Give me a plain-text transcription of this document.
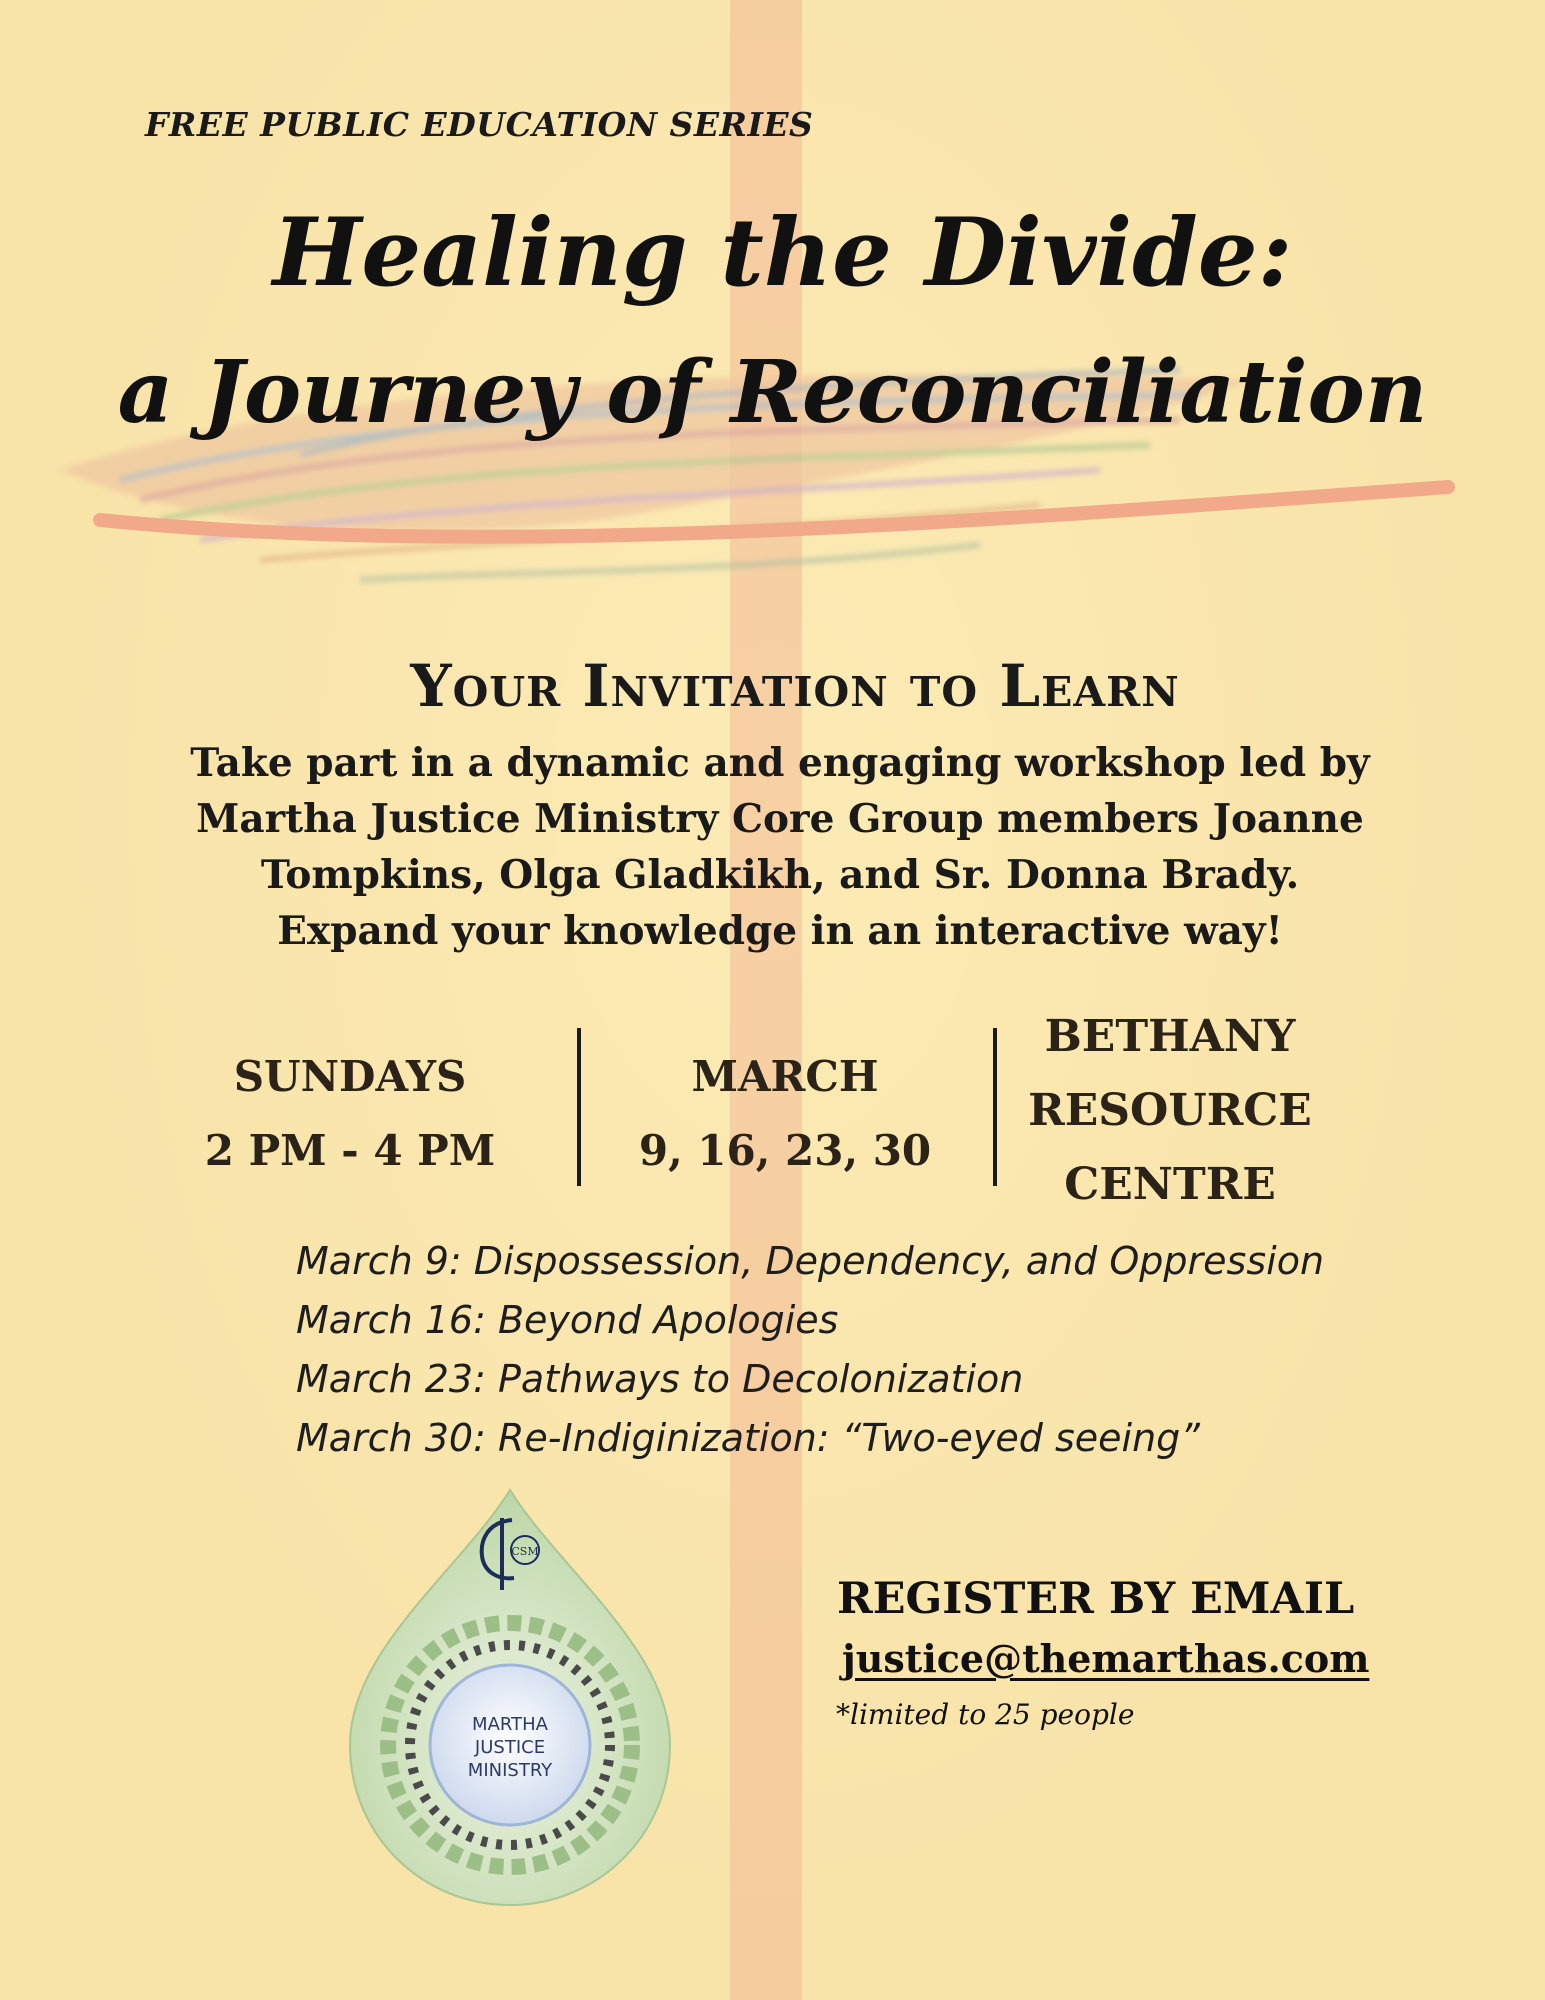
FREE PUBLIC EDUCATION SERIES
Healing the Divide:
a Journey of Reconciliation
Your Invitation to Learn
Take part in a dynamic and engaging workshop led by
Martha Justice Ministry Core Group members Joanne
Tompkins, Olga Gladkikh, and Sr. Donna Brady.
Expand your knowledge in an interactive way!
SUNDAYS
2 PM - 4 PM
MARCH
9, 16, 23, 30
BETHANY
RESOURCE
CENTRE
March 9: Dispossession, Dependency, and Oppression
March 16: Beyond Apologies
March 23: Pathways to Decolonization
March 30: Re-Indiginization: “Two-eyed seeing”
MARTHA
JUSTICE
MINISTRY
CSM
REGISTER BY EMAIL
justice@themarthas.com
*limited to 25 people
